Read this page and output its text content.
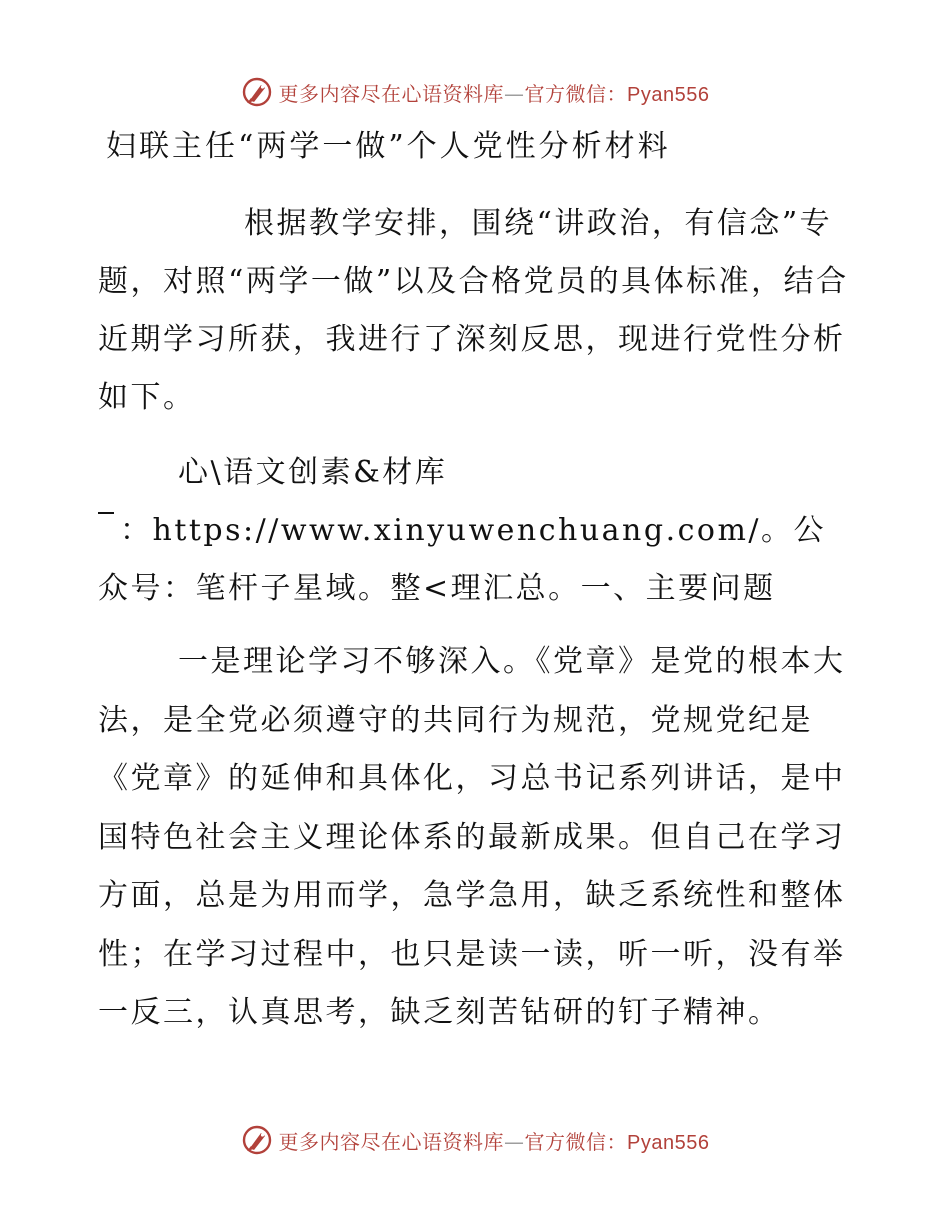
更多内容尽在心语资料库—官方微信：Pyan556
妇联主任“两学一做”个人党性分析材料
根据教学安排，围绕“讲政治，有信念”专题，对照“两学一做”以及合格党员的具体标准，结合近期学习所获，我进行了深刻反思，现进行党性分析如下。
心\语文创素&材库
：https://www.xinyuwenchuang.com/。公众号：笔杆子星域。整<理汇总。一、主要问题
一是理论学习不够深入。《党章》是党的根本大法，是全党必须遵守的共同行为规范，党规党纪是《党章》的延伸和具体化，习总书记系列讲话，是中国特色社会主义理论体系的最新成果。但自己在学习方面，总是为用而学，急学急用，缺乏系统性和整体性；在学习过程中，也只是读一读，听一听，没有举一反三，认真思考，缺乏刻苦钻研的钉子精神。
更多内容尽在心语资料库—官方微信：Pyan556
